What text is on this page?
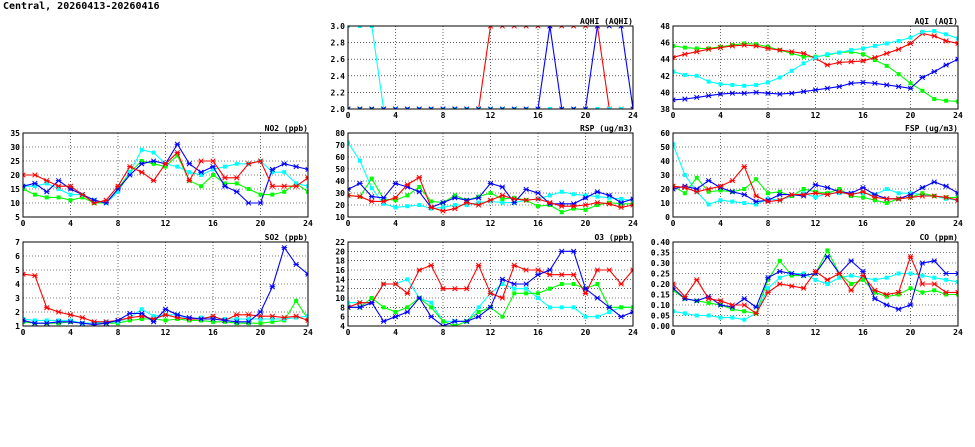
Central, 20260413-20260416
0	4	8	12	16	20	24
2.0
2.2
2.4
2.6
2.8
3.0
AQHI (AQHI)
0	4	8	12	16	20	24
38
40
42
44
46
48
AQI (AQI)
0	4	8	12	16	20	24
5
10
15
20
25
30
35
NO2 (ppb)
0	4	8	12	16	20	24
10
20
30
40
50
60
70
80
RSP (ug/m3)
0	4	8	12	16	20	24
0
10
20
30
40
50
60
FSP (ug/m3)
0	4	8	12	16	20	24
1
2
3
4
5
6
7
SO2 (ppb)
0	4	8	12	16	20	24
4
6
8
10
12
14
16
18
20
22
O3 (ppb)
0	4	8	12	16	20	24
0.00
0.05
0.10
0.15
0.20
0.25
0.30
0.35
0.40
CO (ppm)
